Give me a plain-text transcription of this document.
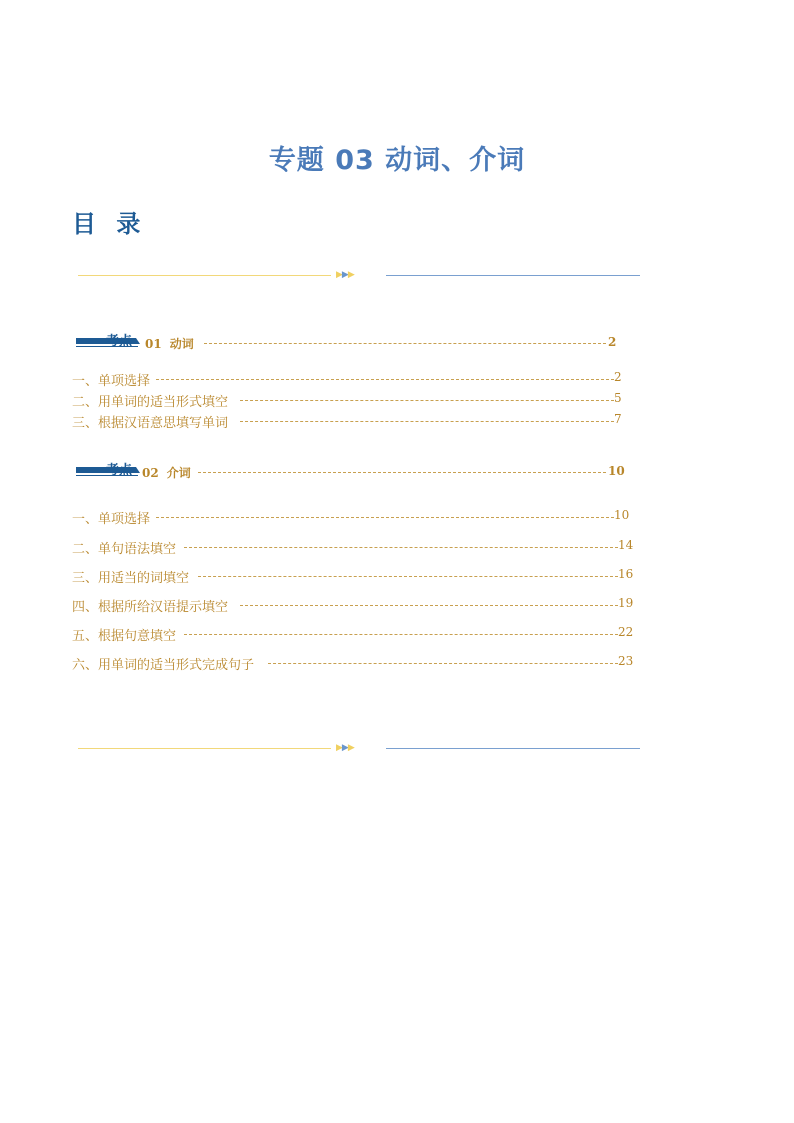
专题 03 动词、介词
目 录
▶▶▶
考点 01 动词	2
一、单项选择	2
二、用单词的适当形式填空	5
三、根据汉语意思填写单词	7
考点 02 介词	10
一、单项选择	10
二、单句语法填空	14
三、用适当的词填空	16
四、根据所给汉语提示填空	19
五、根据句意填空	22
六、用单词的适当形式完成句子	23
▶▶▶
